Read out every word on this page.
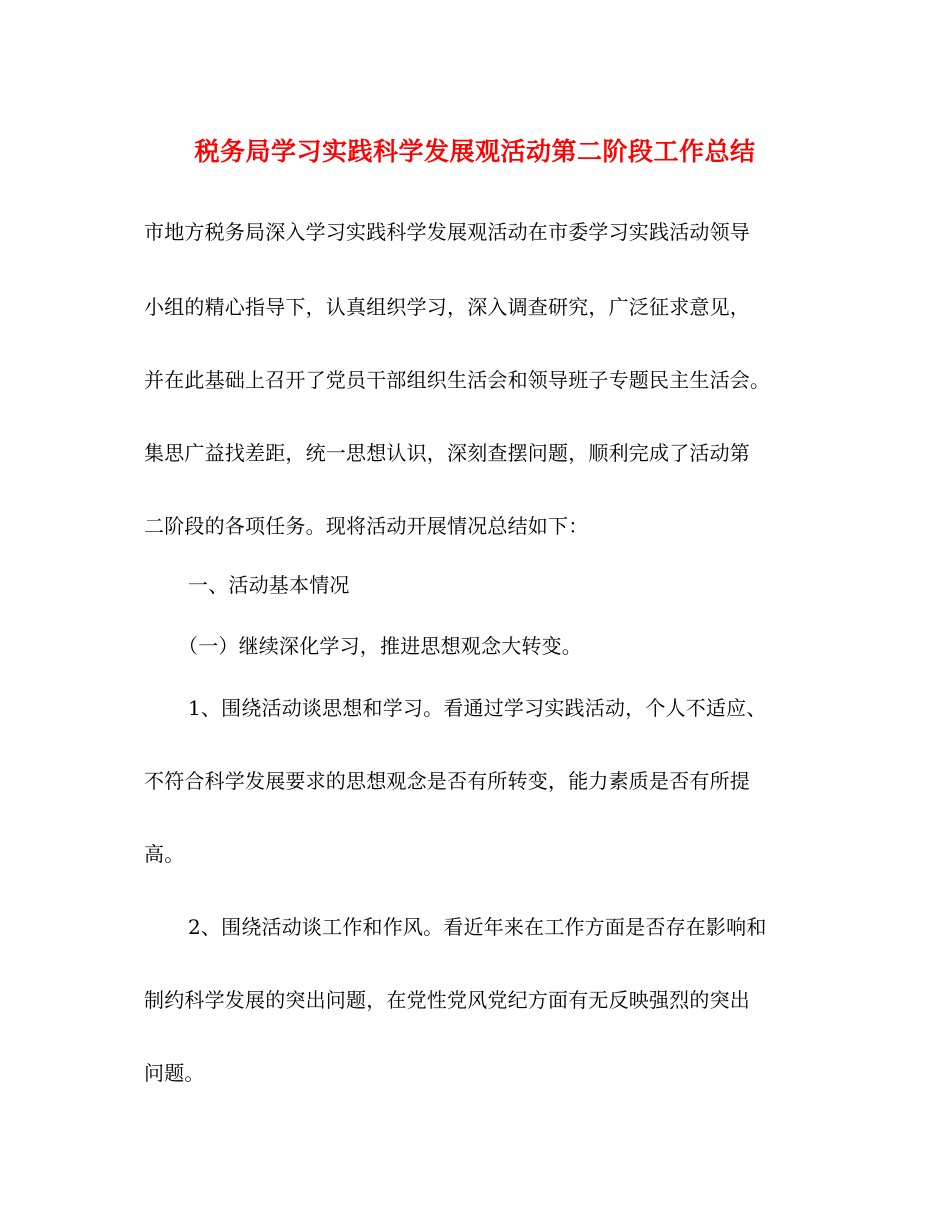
税务局学习实践科学发展观活动第二阶段工作总结
市地方税务局深入学习实践科学发展观活动在市委学习实践活动领导
小组的精心指导下，认真组织学习，深入调查研究，广泛征求意见，
并在此基础上召开了党员干部组织生活会和领导班子专题民主生活会。
集思广益找差距，统一思想认识，深刻查摆问题，顺利完成了活动第
二阶段的各项任务。现将活动开展情况总结如下：
一、活动基本情况
（一）继续深化学习，推进思想观念大转变。
1、围绕活动谈思想和学习。看通过学习实践活动，个人不适应、
不符合科学发展要求的思想观念是否有所转变，能力素质是否有所提
高。
2、围绕活动谈工作和作风。看近年来在工作方面是否存在影响和
制约科学发展的突出问题，在党性党风党纪方面有无反映强烈的突出
问题。
